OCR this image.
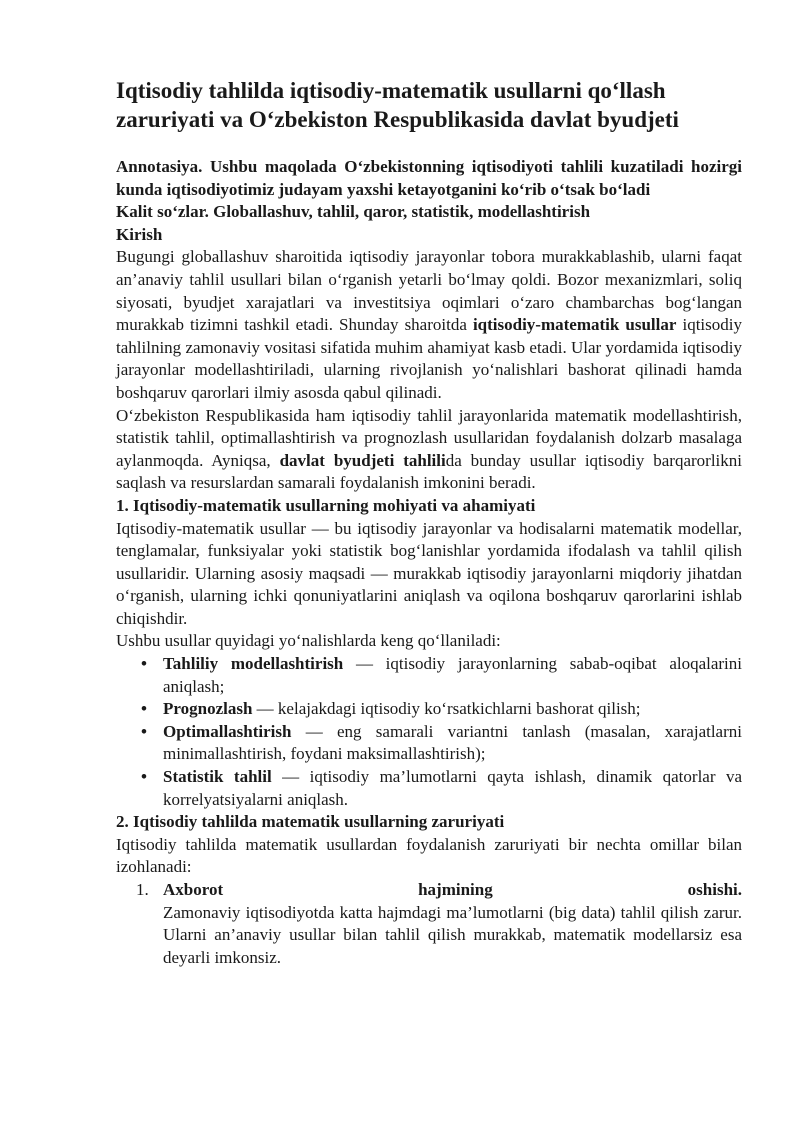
Iqtisodiy tahlilda iqtisodiy-matematik usullarni qo‘llash
zaruriyati va O‘zbekiston Respublikasida davlat byudjeti

Annotasiya. Ushbu maqolada O‘zbekistonning iqtisodiyoti tahlili kuzatiladi hozirgi kunda iqtisodiyotimiz judayam yaxshi ketayotganini ko‘rib o‘tsak bo‘ladi

Kalit so‘zlar. Globallashuv, tahlil, qaror, statistik, modellashtirish

Kirish

Bugungi globallashuv sharoitida iqtisodiy jarayonlar tobora murakkablashib, ularni faqat an’anaviy tahlil usullari bilan o‘rganish yetarli bo‘lmay qoldi. Bozor mexanizmlari, soliq siyosati, byudjet xarajatlari va investitsiya oqimlari o‘zaro chambarchas bog‘langan murakkab tizimni tashkil etadi. Shunday sharoitda iqtisodiy-matematik usullar iqtisodiy tahlilning zamonaviy vositasi sifatida muhim ahamiyat kasb etadi. Ular yordamida iqtisodiy jarayonlar modellashtiriladi, ularning rivojlanish yo‘nalishlari bashorat qilinadi hamda boshqaruv qarorlari ilmiy asosda qabul qilinadi.

O‘zbekiston Respublikasida ham iqtisodiy tahlil jarayonlarida matematik modellashtirish, statistik tahlil, optimallashtirish va prognozlash usullaridan foydalanish dolzarb masalaga aylanmoqda. Ayniqsa, davlat byudjeti tahlilida bunday usullar iqtisodiy barqarorlikni saqlash va resurslardan samarali foydalanish imkonini beradi.

1. Iqtisodiy-matematik usullarning mohiyati va ahamiyati

Iqtisodiy-matematik usullar — bu iqtisodiy jarayonlar va hodisalarni matematik modellar, tenglamalar, funksiyalar yoki statistik bog‘lanishlar yordamida ifodalash va tahlil qilish usullaridir. Ularning asosiy maqsadi — murakkab iqtisodiy jarayonlarni miqdoriy jihatdan o‘rganish, ularning ichki qonuniyatlarini aniqlash va oqilona boshqaruv qarorlarini ishlab chiqishdir.

Ushbu usullar quyidagi yo‘nalishlarda keng qo‘llaniladi:

• Tahliliy modellashtirish — iqtisodiy jarayonlarning sabab-oqibat aloqalarini aniqlash;
• Prognozlash — kelajakdagi iqtisodiy ko‘rsatkichlarni bashorat qilish;
• Optimallashtirish — eng samarali variantni tanlash (masalan, xarajatlarni minimallashtirish, foydani maksimallashtirish);
• Statistik tahlil — iqtisodiy ma’lumotlarni qayta ishlash, dinamik qatorlar va korrelyatsiyalarni aniqlash.

2. Iqtisodiy tahlilda matematik usullarning zaruriyati

Iqtisodiy tahlilda matematik usullardan foydalanish zaruriyati bir nechta omillar bilan izohlanadi:

1. Axborot	hajmining	oshishi.

Zamonaviy iqtisodiyotda katta hajmdagi ma’lumotlarni (big data) tahlil qilish zarur. Ularni an’anaviy usullar bilan tahlil qilish murakkab, matematik modellarsiz esa deyarli imkonsiz.
